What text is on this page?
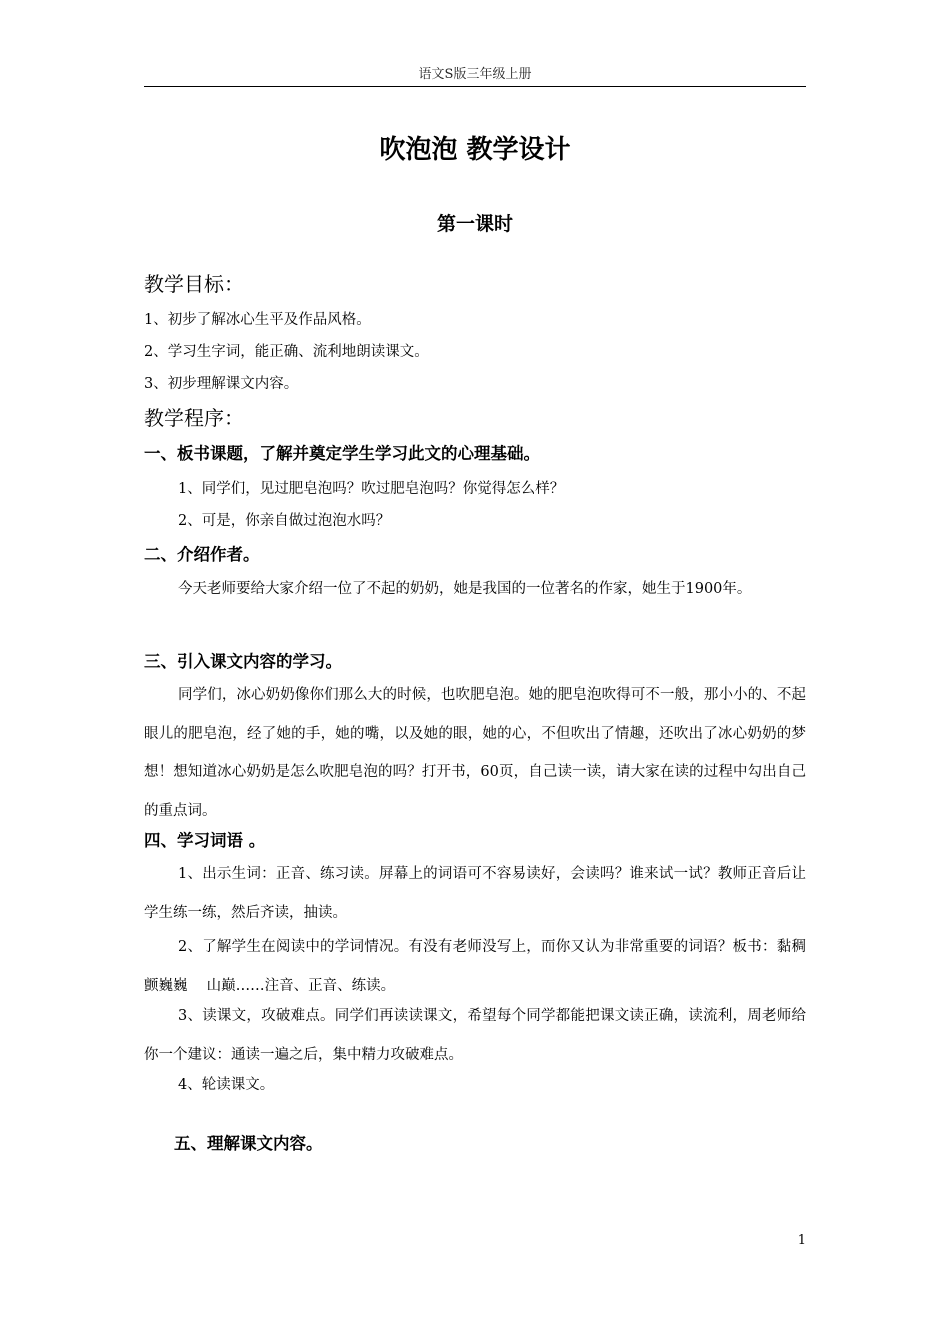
语文S版三年级上册
吹泡泡 教学设计
第一课时
教学目标：
1、初步了解冰心生平及作品风格。
2、学习生字词，能正确、流利地朗读课文。
3、初步理解课文内容。
教学程序：
一、板书课题，了解并奠定学生学习此文的心理基础。
1、同学们，见过肥皂泡吗？吹过肥皂泡吗？你觉得怎么样？
2、可是，你亲自做过泡泡水吗？
二、介绍作者。
今天老师要给大家介绍一位了不起的奶奶，她是我国的一位著名的作家，她生于1900年。
三、引入课文内容的学习。
同学们，冰心奶奶像你们那么大的时候，也吹肥皂泡。她的肥皂泡吹得可不一般，那小小的、不起眼儿的肥皂泡，经了她的手，她的嘴，以及她的眼，她的心，不但吹出了情趣，还吹出了冰心奶奶的梦想！想知道冰心奶奶是怎么吹肥皂泡的吗？打开书，60页，自己读一读，请大家在读的过程中勾出自己的重点词。
四、学习词语 。
1、出示生词：正音、练习读。屏幕上的词语可不容易读好，会读吗？谁来试一试？教师正音后让学生练一练，然后齐读，抽读。
2、了解学生在阅读中的学词情况。有没有老师没写上，而你又认为非常重要的词语？板书：黏稠　 颤巍巍　 山巅……注音、正音、练读。
3、读课文，攻破难点。同学们再读读课文，希望每个同学都能把课文读正确，读流利，周老师给你一个建议：通读一遍之后，集中精力攻破难点。
4、轮读课文。
五、理解课文内容。
1
